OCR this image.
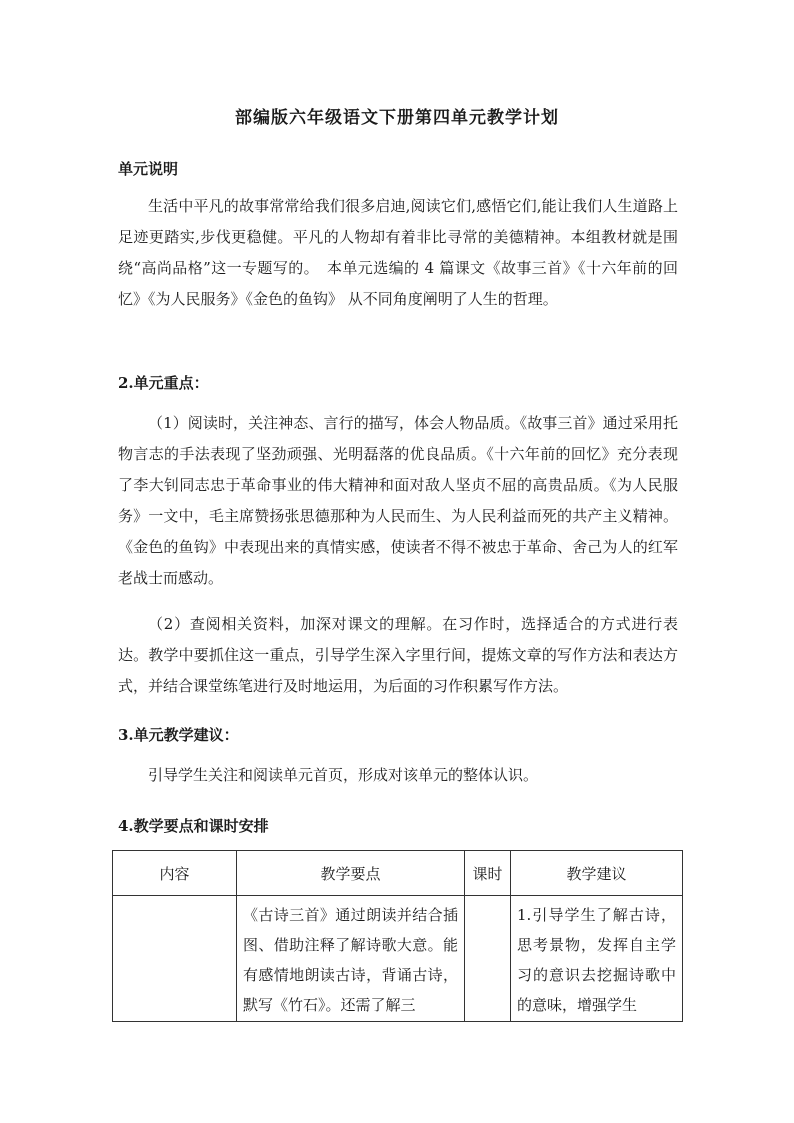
部编版六年级语文下册第四单元教学计划
单元说明

生活中平凡的故事常常给我们很多启迪,阅读它们,感悟它们,能让我们人生道路上足迹更踏实,步伐更稳健。平凡的人物却有着非比寻常的美德精神。本组教材就是围绕“高尚品格”这一专题写的。　本单元选编的 4 篇课文《故事三首》《十六年前的回忆》《为人民服务》《金色的鱼钩》 从不同角度阐明了人生的哲理。

2.单元重点：

（1）阅读时，关注神态、言行的描写，体会人物品质。《故事三首》通过采用托物言志的手法表现了坚劲顽强、光明磊落的优良品质。《十六年前的回忆》充分表现了李大钊同志忠于革命事业的伟大精神和面对敌人坚贞不屈的高贵品质。《为人民服务》一文中，毛主席赞扬张思德那种为人民而生、为人民利益而死的共产主义精神。《金色的鱼钩》中表现出来的真情实感，使读者不得不被忠于革命、舍己为人的红军老战士而感动。

（2）查阅相关资料，加深对课文的理解。在习作时，选择适合的方式进行表达。教学中要抓住这一重点，引导学生深入字里行间，提炼文章的写作方法和表达方式，并结合课堂练笔进行及时地运用，为后面的习作积累写作方法。

3.单元教学建议：

引导学生关注和阅读单元首页，形成对该单元的整体认识。

4.教学要点和课时安排
内容	教学要点	课时	教学建议

	《古诗三首》通过朗读并结合插图、借助注释了解诗歌大意。能有感情地朗读古诗，背诵古诗，默写《竹石》。还需了解三		1.引导学生了解古诗，思考景物，发挥自主学习的意识去挖掘诗歌中 的意味，增强学生
